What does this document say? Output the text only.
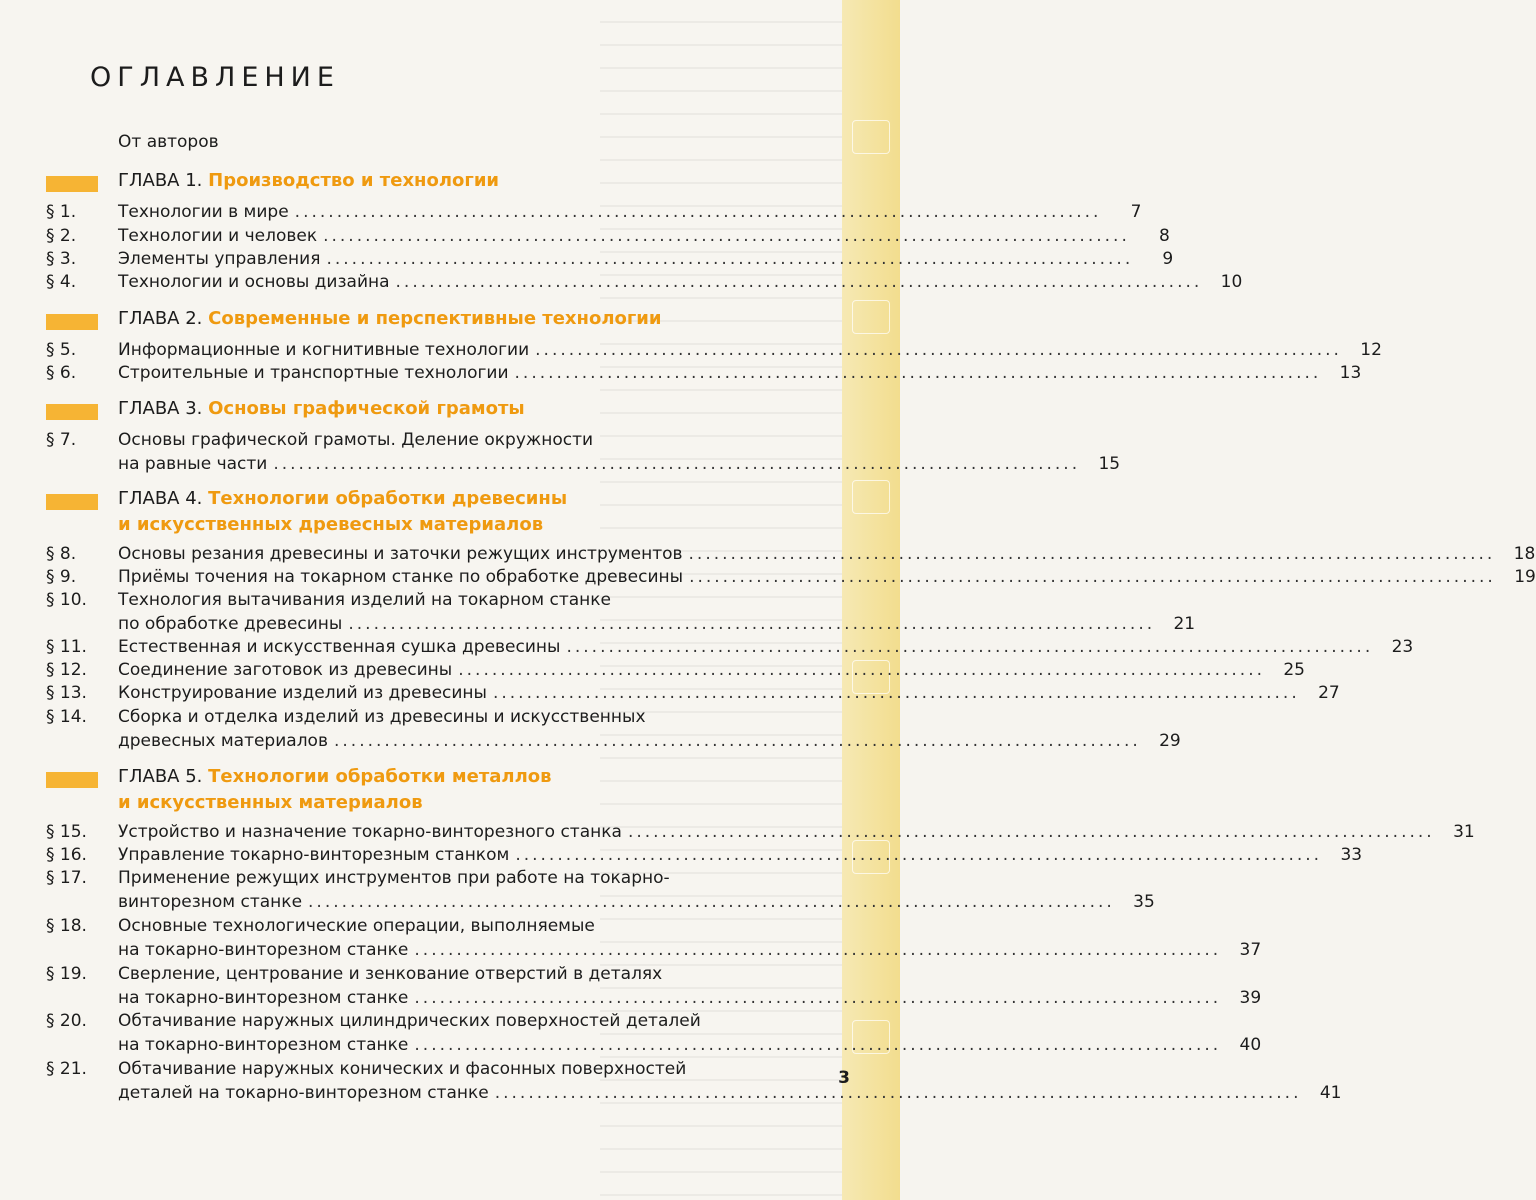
ОГЛАВЛЕНИЕ
От авторов
ГЛАВА 1. Производство и технологии
§ 1.	Технологии в мире ................................................................................................	7
§ 2.	Технологии и человек ................................................................................................	8
§ 3.	Элементы управления ................................................................................................	9
§ 4.	Технологии и основы дизайна ................................................................................................	10
ГЛАВА 2. Современные и перспективные технологии
§ 5.	Информационные и когнитивные технологии ................................................................................................	12
§ 6.	Строительные и транспортные технологии ................................................................................................	13
ГЛАВА 3. Основы графической грамоты
§ 7.	Основы графической грамоты. Деление окружности
на равные части ................................................................................................	15
ГЛАВА 4. Технологии обработки древесины
и искусственных древесных материалов
§ 8.	Основы резания древесины и заточки режущих инструментов ................................................................................................	18
§ 9.	Приёмы точения на токарном станке по обработке древесины ................................................................................................	19
§ 10.	Технология вытачивания изделий на токарном станке
по обработке древесины ................................................................................................	21
§ 11.	Естественная и искусственная сушка древесины ................................................................................................	23
§ 12.	Соединение заготовок из древесины ................................................................................................	25
§ 13.	Конструирование изделий из древесины ................................................................................................	27
§ 14.	Сборка и отделка изделий из древесины и искусственных
древесных материалов ................................................................................................	29
ГЛАВА 5. Технологии обработки металлов
и искусственных материалов
§ 15.	Устройство и назначение токарно-винторезного станка ................................................................................................	31
§ 16.	Управление токарно-винторезным станком ................................................................................................	33
§ 17.	Применение режущих инструментов при работе на токарно-
винторезном станке ................................................................................................	35
§ 18.	Основные технологические операции, выполняемые
на токарно-винторезном станке ................................................................................................	37
§ 19.	Сверление, центрование и зенкование отверстий в деталях
на токарно-винторезном станке ................................................................................................	39
§ 20.	Обтачивание наружных цилиндрических поверхностей деталей
на токарно-винторезном станке ................................................................................................	40
§ 21.	Обтачивание наружных конических и фасонных поверхностей
деталей на токарно-винторезном станке ................................................................................................	41
3
